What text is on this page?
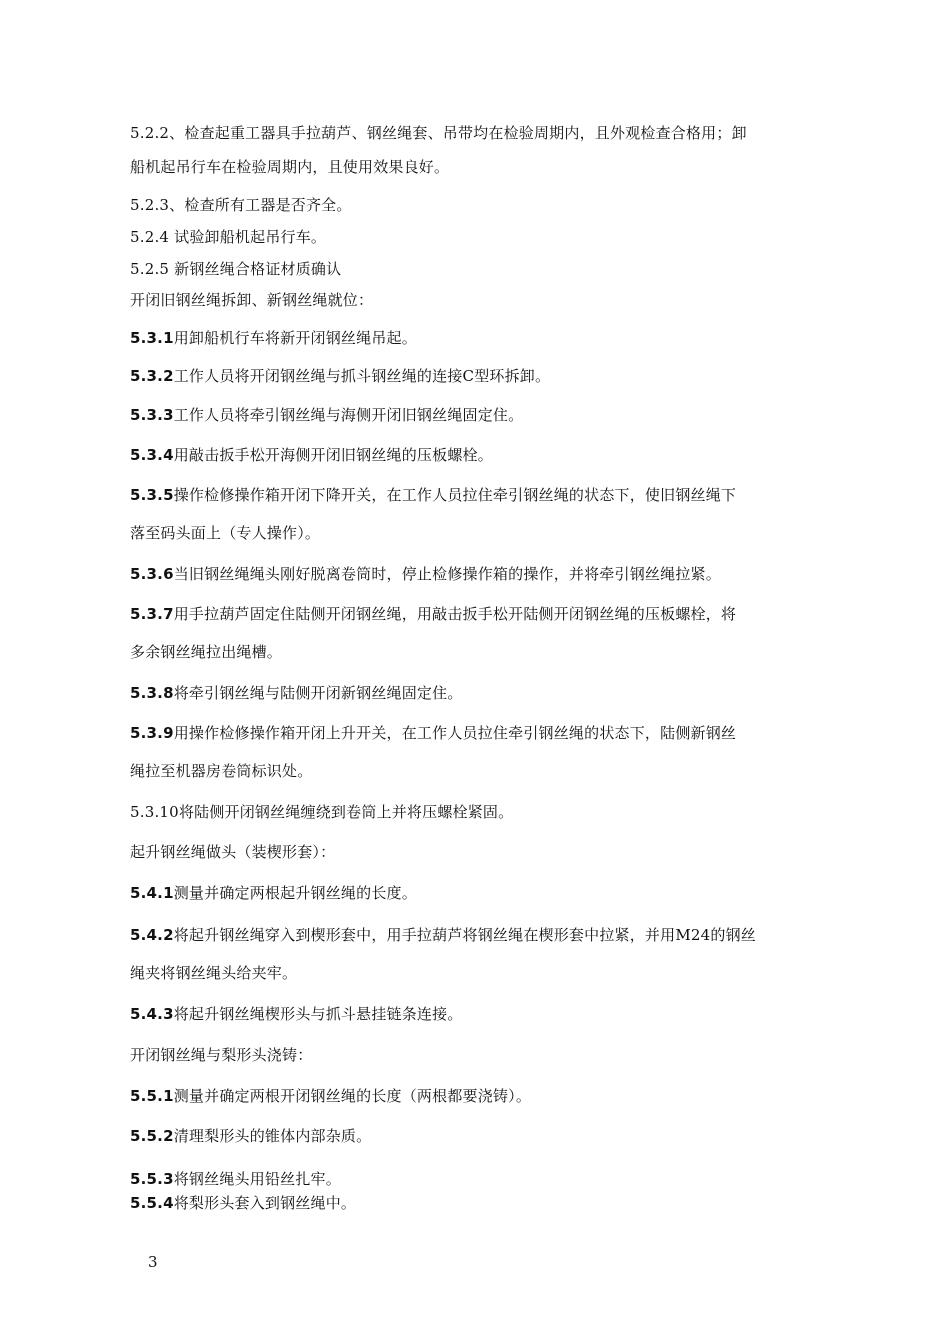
5.2.2、检查起重工器具手拉葫芦、钢丝绳套、吊带均在检验周期内，且外观检查合格用；卸
船机起吊行车在检验周期内，且使用效果良好。
5.2.3、检查所有工器是否齐全。
5.2.4 试验卸船机起吊行车。
5.2.5 新钢丝绳合格证材质确认
开闭旧钢丝绳拆卸、新钢丝绳就位：
5.3.1用卸船机行车将新开闭钢丝绳吊起。
5.3.2工作人员将开闭钢丝绳与抓斗钢丝绳的连接C型环拆卸。
5.3.3工作人员将牵引钢丝绳与海侧开闭旧钢丝绳固定住。
5.3.4用敲击扳手松开海侧开闭旧钢丝绳的压板螺栓。
5.3.5操作检修操作箱开闭下降开关，在工作人员拉住牵引钢丝绳的状态下，使旧钢丝绳下
落至码头面上（专人操作）。
5.3.6当旧钢丝绳绳头刚好脱离卷筒时，停止检修操作箱的操作，并将牵引钢丝绳拉紧。
5.3.7用手拉葫芦固定住陆侧开闭钢丝绳，用敲击扳手松开陆侧开闭钢丝绳的压板螺栓，将
多余钢丝绳拉出绳槽。
5.3.8将牵引钢丝绳与陆侧开闭新钢丝绳固定住。
5.3.9用操作检修操作箱开闭上升开关，在工作人员拉住牵引钢丝绳的状态下，陆侧新钢丝
绳拉至机器房卷筒标识处。
5.3.10将陆侧开闭钢丝绳缠绕到卷筒上并将压螺栓紧固。
起升钢丝绳做头（装楔形套）：
5.4.1测量并确定两根起升钢丝绳的长度。
5.4.2将起升钢丝绳穿入到楔形套中，用手拉葫芦将钢丝绳在楔形套中拉紧，并用M24的钢丝
绳夹将钢丝绳头给夹牢。
5.4.3将起升钢丝绳楔形头与抓斗悬挂链条连接。
开闭钢丝绳与梨形头浇铸：
5.5.1测量并确定两根开闭钢丝绳的长度（两根都要浇铸）。
5.5.2清理梨形头的锥体内部杂质。
5.5.3将钢丝绳头用铅丝扎牢。
5.5.4将梨形头套入到钢丝绳中。
3
